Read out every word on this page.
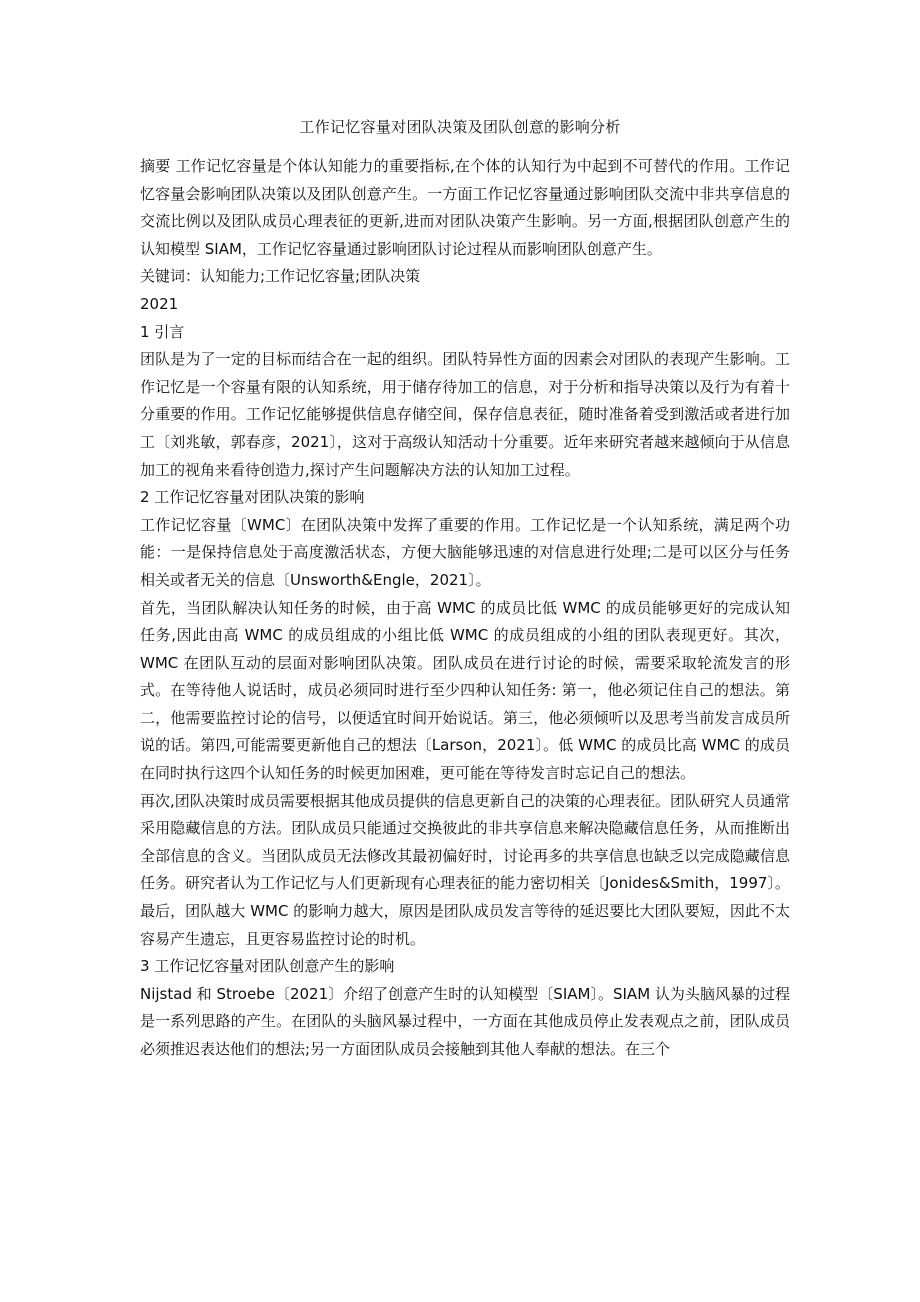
工作记忆容量对团队决策及团队创意的影响分析

摘要 工作记忆容量是个体认知能力的重要指标,在个体的认知行为中起到不可替代的作用。工作记忆容量会影响团队决策以及团队创意产生。一方面工作记忆容量通过影响团队交流中非共享信息的交流比例以及团队成员心理表征的更新,进而对团队决策产生影响。另一方面,根据团队创意产生的认知模型 SIAM，工作记忆容量通过影响团队讨论过程从而影响团队创意产生。

关键词：认知能力;工作记忆容量;团队决策

2021

1 引言

团队是为了一定的目标而结合在一起的组织。团队特异性方面的因素会对团队的表现产生影响。工作记忆是一个容量有限的认知系统，用于储存待加工的信息，对于分析和指导决策以及行为有着十分重要的作用。工作记忆能够提供信息存储空间，保存信息表征，随时准备着受到激活或者进行加工〔刘兆敏，郭春彦，2021〕，这对于高级认知活动十分重要。近年来研究者越来越倾向于从信息加工的视角来看待创造力,探讨产生问题解决方法的认知加工过程。

2 工作记忆容量对团队决策的影响

工作记忆容量〔WMC〕在团队决策中发挥了重要的作用。工作记忆是一个认知系统，满足两个功能：一是保持信息处于高度激活状态，方便大脑能够迅速的对信息进行处理;二是可以区分与任务相关或者无关的信息〔Unsworth&Engle，2021〕。

首先，当团队解决认知任务的时候，由于高 WMC 的成员比低 WMC 的成员能够更好的完成认知任务,因此由高 WMC 的成员组成的小组比低 WMC 的成员组成的小组的团队表现更好。其次，WMC 在团队互动的层面对影响团队决策。团队成员在进行讨论的时候，需要采取轮流发言的形式。在等待他人说话时，成员必须同时进行至少四种认知任务: 第一，他必须记住自己的想法。第二，他需要监控讨论的信号，以便适宜时间开始说话。第三，他必须倾听以及思考当前发言成员所说的话。第四,可能需要更新他自己的想法〔Larson，2021〕。低 WMC 的成员比高 WMC 的成员在同时执行这四个认知任务的时候更加困难，更可能在等待发言时忘记自己的想法。

再次,团队决策时成员需要根据其他成员提供的信息更新自己的决策的心理表征。团队研究人员通常采用隐藏信息的方法。团队成员只能通过交换彼此的非共享信息来解决隐藏信息任务，从而推断出全部信息的含义。当团队成员无法修改其最初偏好时，讨论再多的共享信息也缺乏以完成隐藏信息任务。研究者认为工作记忆与人们更新现有心理表征的能力密切相关〔Jonides&Smith，1997〕。

最后，团队越大 WMC 的影响力越大，原因是团队成员发言等待的延迟要比大团队要短，因此不太容易产生遗忘，且更容易监控讨论的时机。

3 工作记忆容量对团队创意产生的影响

Nijstad 和 Stroebe〔2021〕介绍了创意产生时的认知模型〔SIAM〕。SIAM 认为头脑风暴的过程是一系列思路的产生。在团队的头脑风暴过程中，一方面在其他成员停止发表观点之前，团队成员必须推迟表达他们的想法;另一方面团队成员会接触到其他人奉献的想法。在三个
